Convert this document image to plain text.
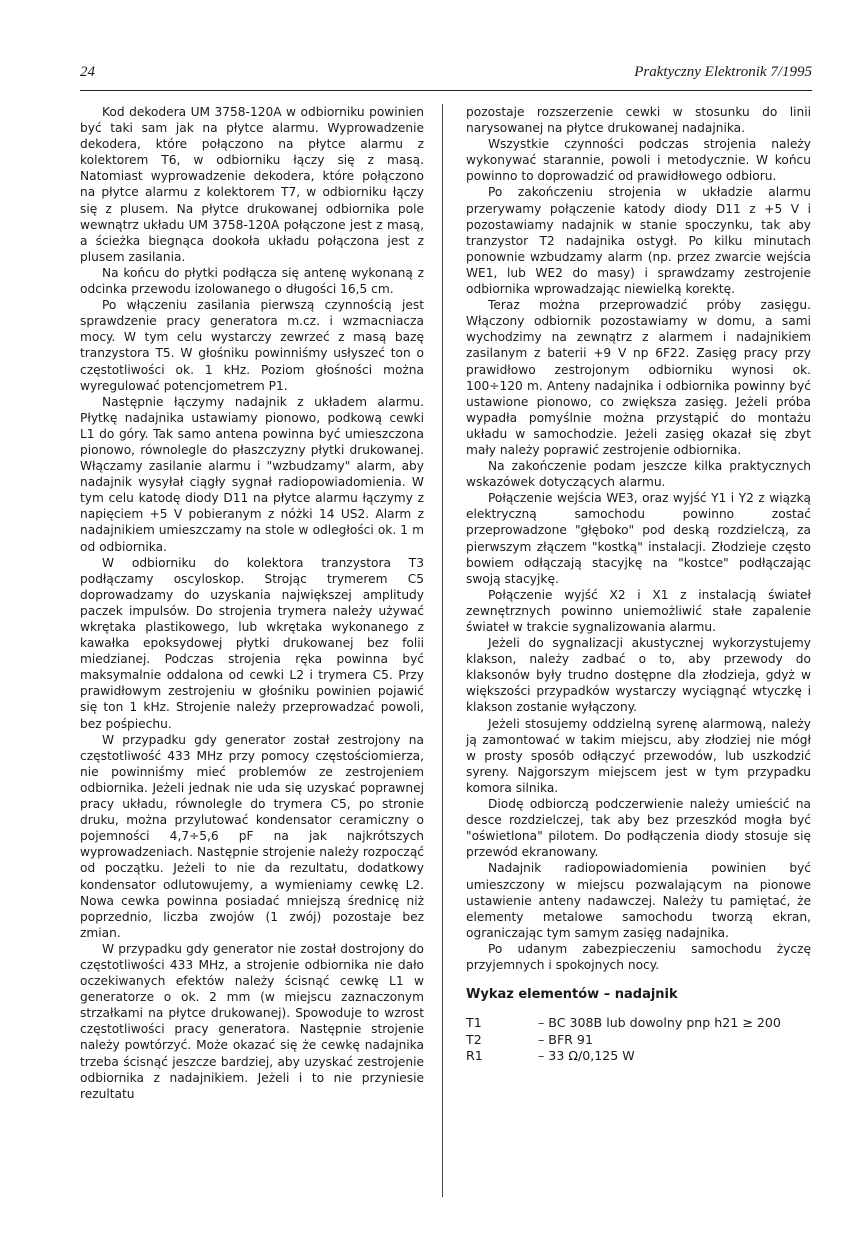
24	Praktyczny Elektronik 7/1995

Kod dekodera UM 3758-120A w odbiorniku powinien być taki sam jak na płytce alarmu. Wyprowadzenie dekodera, które połączono na płytce alarmu z kolektorem T6, w odbiorniku łączy się z masą. Natomiast wyprowadzenie dekodera, które połączono na płytce alarmu z kolektorem T7, w odbiorniku łączy się z plusem. Na płytce drukowanej odbiornika pole wewnątrz układu UM 3758-120A połączone jest z masą, a ścieżka biegnąca dookoła układu połączona jest z plusem zasilania.

Na końcu do płytki podłącza się antenę wykonaną z odcinka przewodu izolowanego o długości 16,5 cm.

Po włączeniu zasilania pierwszą czynnością jest sprawdzenie pracy generatora m.cz. i wzmacniacza mocy. W tym celu wystarczy zewrzeć z masą bazę tranzystora T5. W głośniku powinniśmy usłyszeć ton o częstotliwości ok. 1 kHz. Poziom głośności można wyregulować potencjometrem P1.

Następnie łączymy nadajnik z układem alarmu. Płytkę nadajnika ustawiamy pionowo, podkową cewki L1 do góry. Tak samo antena powinna być umieszczona pionowo, równolegle do płaszczyzny płytki drukowanej. Włączamy zasilanie alarmu i "wzbudzamy" alarm, aby nadajnik wysyłał ciągły sygnał radiopowiadomienia. W tym celu katodę diody D11 na płytce alarmu łączymy z napięciem +5 V pobieranym z nóżki 14 US2. Alarm z nadajnikiem umieszczamy na stole w odległości ok. 1 m od odbiornika.

W odbiorniku do kolektora tranzystora T3 podłączamy oscyloskop. Strojąc trymerem C5 doprowadzamy do uzyskania największej amplitudy paczek impulsów. Do strojenia trymera należy używać wkrętaka plastikowego, lub wkrętaka wykonanego z kawałka epoksydowej płytki drukowanej bez folii miedzianej. Podczas strojenia ręka powinna być maksymalnie oddalona od cewki L2 i trymera C5. Przy prawidłowym zestrojeniu w głośniku powinien pojawić się ton 1 kHz. Strojenie należy przeprowadzać powoli, bez pośpiechu.

W przypadku gdy generator został zestrojony na częstotliwość 433 MHz przy pomocy częstościomierza, nie powinniśmy mieć problemów ze zestrojeniem odbiornika. Jeżeli jednak nie uda się uzyskać poprawnej pracy układu, równolegle do trymera C5, po stronie druku, można przylutować kondensator ceramiczny o pojemności 4,7÷5,6 pF na jak najkrótszych wyprowadzeniach. Następnie strojenie należy rozpocząć od początku. Jeżeli to nie da rezultatu, dodatkowy kondensator odlutowujemy, a wymieniamy cewkę L2. Nowa cewka powinna posiadać mniejszą średnicę niż poprzednio, liczba zwojów (1 zwój) pozostaje bez zmian.

W przypadku gdy generator nie został dostrojony do częstotliwości 433 MHz, a strojenie odbiornika nie dało oczekiwanych efektów należy ścisnąć cewkę L1 w generatorze o ok. 2 mm (w miejscu zaznaczonym strzałkami na płytce drukowanej). Spowoduje to wzrost częstotliwości pracy generatora. Następnie strojenie należy powtórzyć. Może okazać się że cewkę nadajnika trzeba ścisnąć jeszcze bardziej, aby uzyskać zestrojenie odbiornika z nadajnikiem. Jeżeli i to nie przyniesie rezultatu

pozostaje rozszerzenie cewki w stosunku do linii narysowanej na płytce drukowanej nadajnika.

Wszystkie czynności podczas strojenia należy wykonywać starannie, powoli i metodycznie. W końcu powinno to doprowadzić od prawidłowego odbioru.

Po zakończeniu strojenia w układzie alarmu przerywamy połączenie katody diody D11 z +5 V i pozostawiamy nadajnik w stanie spoczynku, tak aby tranzystor T2 nadajnika ostygł. Po kilku minutach ponownie wzbudzamy alarm (np. przez zwarcie wejścia WE1, lub WE2 do masy) i sprawdzamy zestrojenie odbiornika wprowadzając niewielką korektę.

Teraz można przeprowadzić próby zasięgu. Włączony odbiornik pozostawiamy w domu, a sami wychodzimy na zewnątrz z alarmem i nadajnikiem zasilanym z baterii +9 V np 6F22. Zasięg pracy przy prawidłowo zestrojonym odbiorniku wynosi ok. 100÷120 m. Anteny nadajnika i odbiornika powinny być ustawione pionowo, co zwiększa zasięg. Jeżeli próba wypadła pomyślnie można przystąpić do montażu układu w samochodzie. Jeżeli zasięg okazał się zbyt mały należy poprawić zestrojenie odbiornika.

Na zakończenie podam jeszcze kilka praktycznych wskazówek dotyczących alarmu.

Połączenie wejścia WE3, oraz wyjść Y1 i Y2 z wiązką elektryczną samochodu powinno zostać przeprowadzone "głęboko" pod deską rozdzielczą, za pierwszym złączem "kostką" instalacji. Złodzieje często bowiem odłączają stacyjkę na "kostce" podłączając swoją stacyjkę.

Połączenie wyjść X2 i X1 z instalacją świateł zewnętrznych powinno uniemożliwić stałe zapalenie świateł w trakcie sygnalizowania alarmu.

Jeżeli do sygnalizacji akustycznej wykorzystujemy klakson, należy zadbać o to, aby przewody do klaksonów były trudno dostępne dla złodzieja, gdyż w większości przypadków wystarczy wyciągnąć wtyczkę i klakson zostanie wyłączony.

Jeżeli stosujemy oddzielną syrenę alarmową, należy ją zamontować w takim miejscu, aby złodziej nie mógł w prosty sposób odłączyć przewodów, lub uszkodzić syreny. Najgorszym miejscem jest w tym przypadku komora silnika.

Diodę odbiorczą podczerwienie należy umieścić na desce rozdzielczej, tak aby bez przeszkód mogła być "oświetlona" pilotem. Do podłączenia diody stosuje się przewód ekranowany.

Nadajnik radiopowiadomienia powinien być umieszczony w miejscu pozwalającym na pionowe ustawienie anteny nadawczej. Należy tu pamiętać, że elementy metalowe samochodu tworzą ekran, ograniczając tym samym zasięg nadajnika.

Po udanym zabezpieczeniu samochodu życzę przyjemnych i spokojnych nocy.

Wykaz elementów – nadajnik
T1	– BC 308B lub dowolny pnp h21 ≥ 200
T2	– BFR 91
R1	– 33 Ω/0,125 W
